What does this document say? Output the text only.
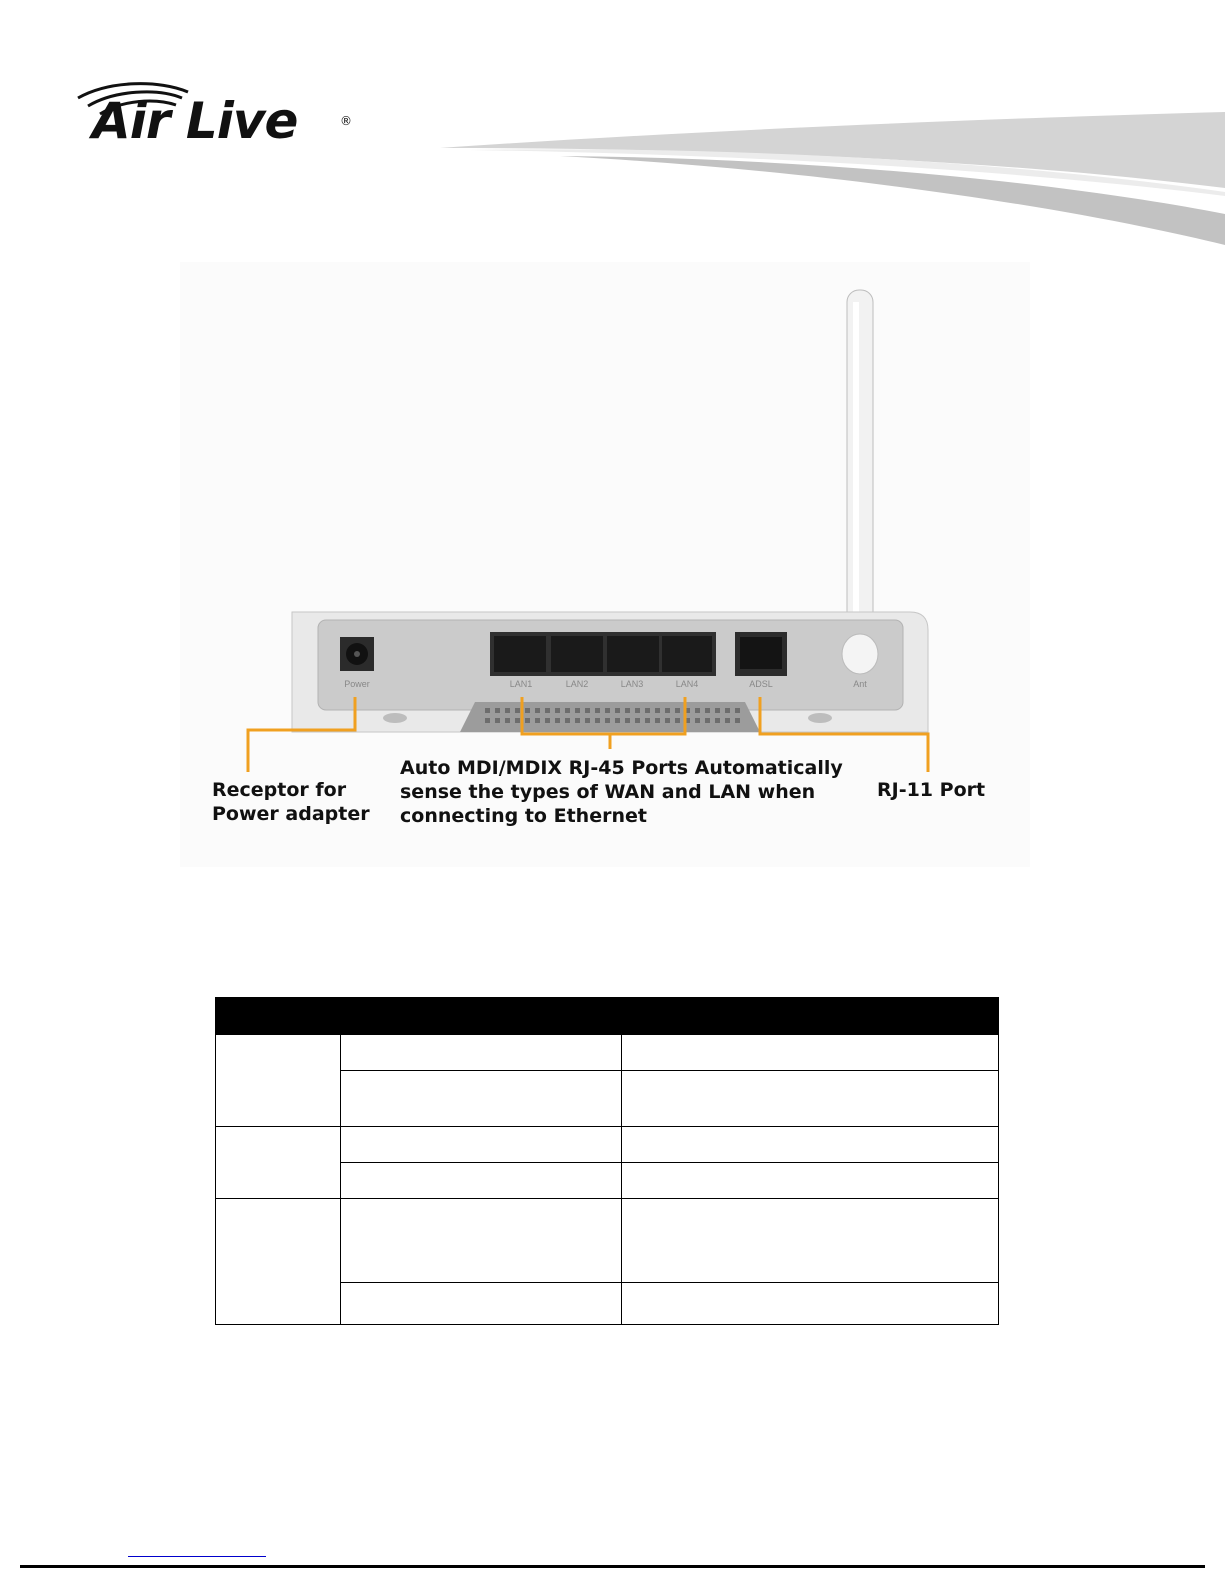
Air Live	®
Power	LAN1	LAN2	LAN3	LAN4	ADSL	Ant
Receptor for
Power adapter
Auto MDI/MDIX RJ-45 Ports Automatically
sense the types of WAN and LAN when
connecting to Ethernet
RJ-11 Port
